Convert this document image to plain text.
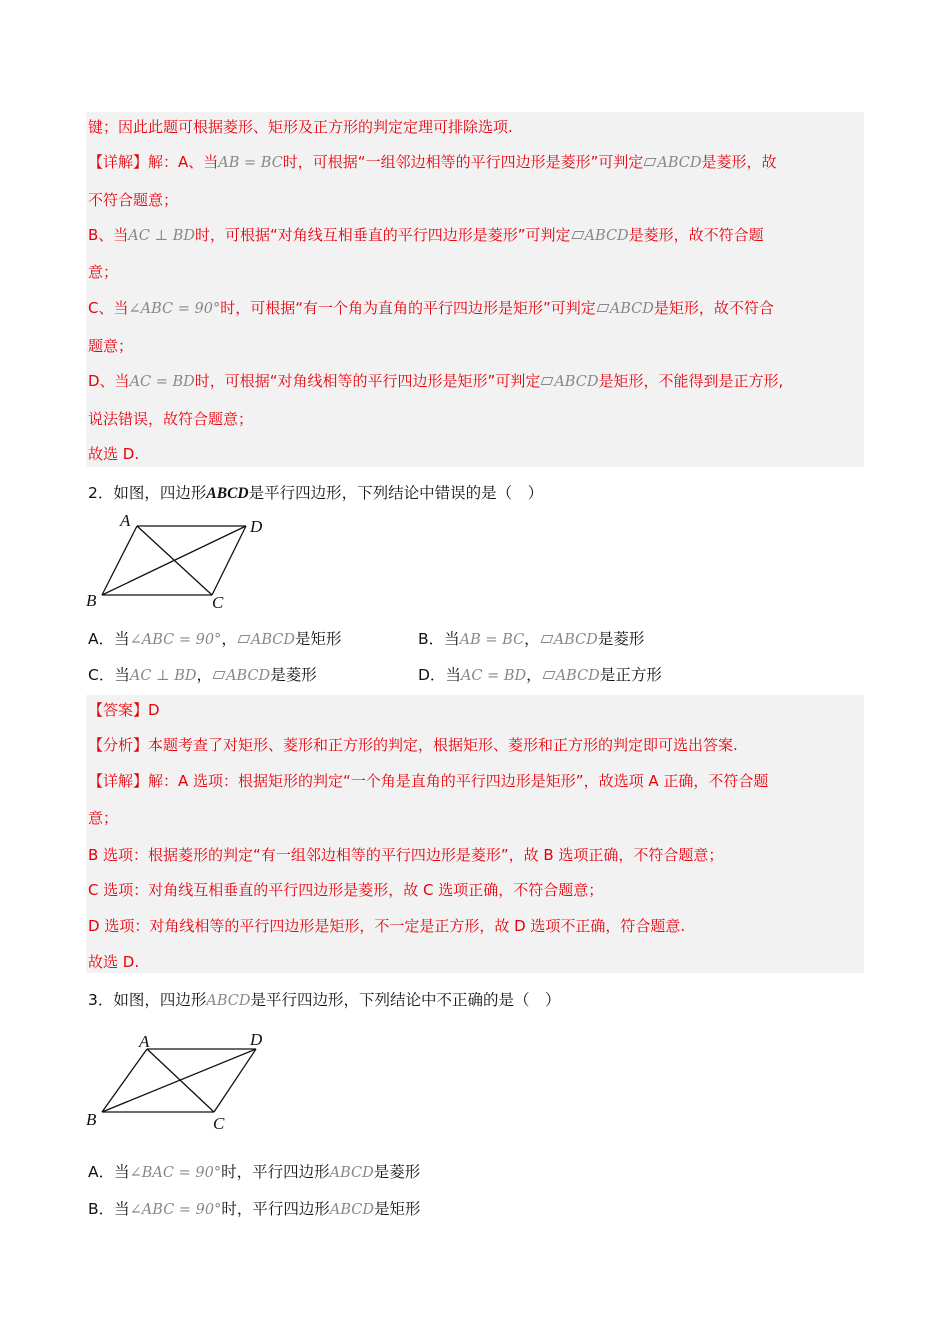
键；因此此题可根据菱形、矩形及正方形的判定定理可排除选项.
【详解】解：A、当AB = BC时，可根据“一组邻边相等的平行四边形是菱形”可判定 ABCD是菱形，故
不符合题意；
B、当AC ⊥ BD时，可根据“对角线互相垂直的平行四边形是菱形”可判定 ABCD是菱形，故不符合题
意；
C、当∠ABC = 90°时，可根据“有一个角为直角的平行四边形是矩形”可判定 ABCD是矩形，故不符合
题意；
D、当AC = BD时，可根据“对角线相等的平行四边形是矩形”可判定 ABCD是矩形，不能得到是正方形,
说法错误，故符合题意；
故选 D.
2．如图，四边形ABCD是平行四边形，下列结论中错误的是（　）
A	D
B	C
A．当∠ABC = 90°， ABCD是矩形	B．当AB = BC， ABCD是菱形
C．当AC ⊥ BD， ABCD是菱形	D．当AC = BD， ABCD是正方形
【答案】D
【分析】本题考查了对矩形、菱形和正方形的判定，根据矩形、菱形和正方形的判定即可选出答案.
【详解】解：A 选项：根据矩形的判定“一个角是直角的平行四边形是矩形”，故选项 A 正确，不符合题
意；
B 选项：根据菱形的判定“有一组邻边相等的平行四边形是菱形”，故 B 选项正确，不符合题意；
C 选项：对角线互相垂直的平行四边形是菱形，故 C 选项正确，不符合题意；
D 选项：对角线相等的平行四边形是矩形，不一定是正方形，故 D 选项不正确，符合题意.
故选 D.
3．如图，四边形ABCD是平行四边形，下列结论中不正确的是（　）
A	D
B	C
A．当∠BAC = 90°时，平行四边形ABCD是菱形
B．当∠ABC = 90°时，平行四边形ABCD是矩形
